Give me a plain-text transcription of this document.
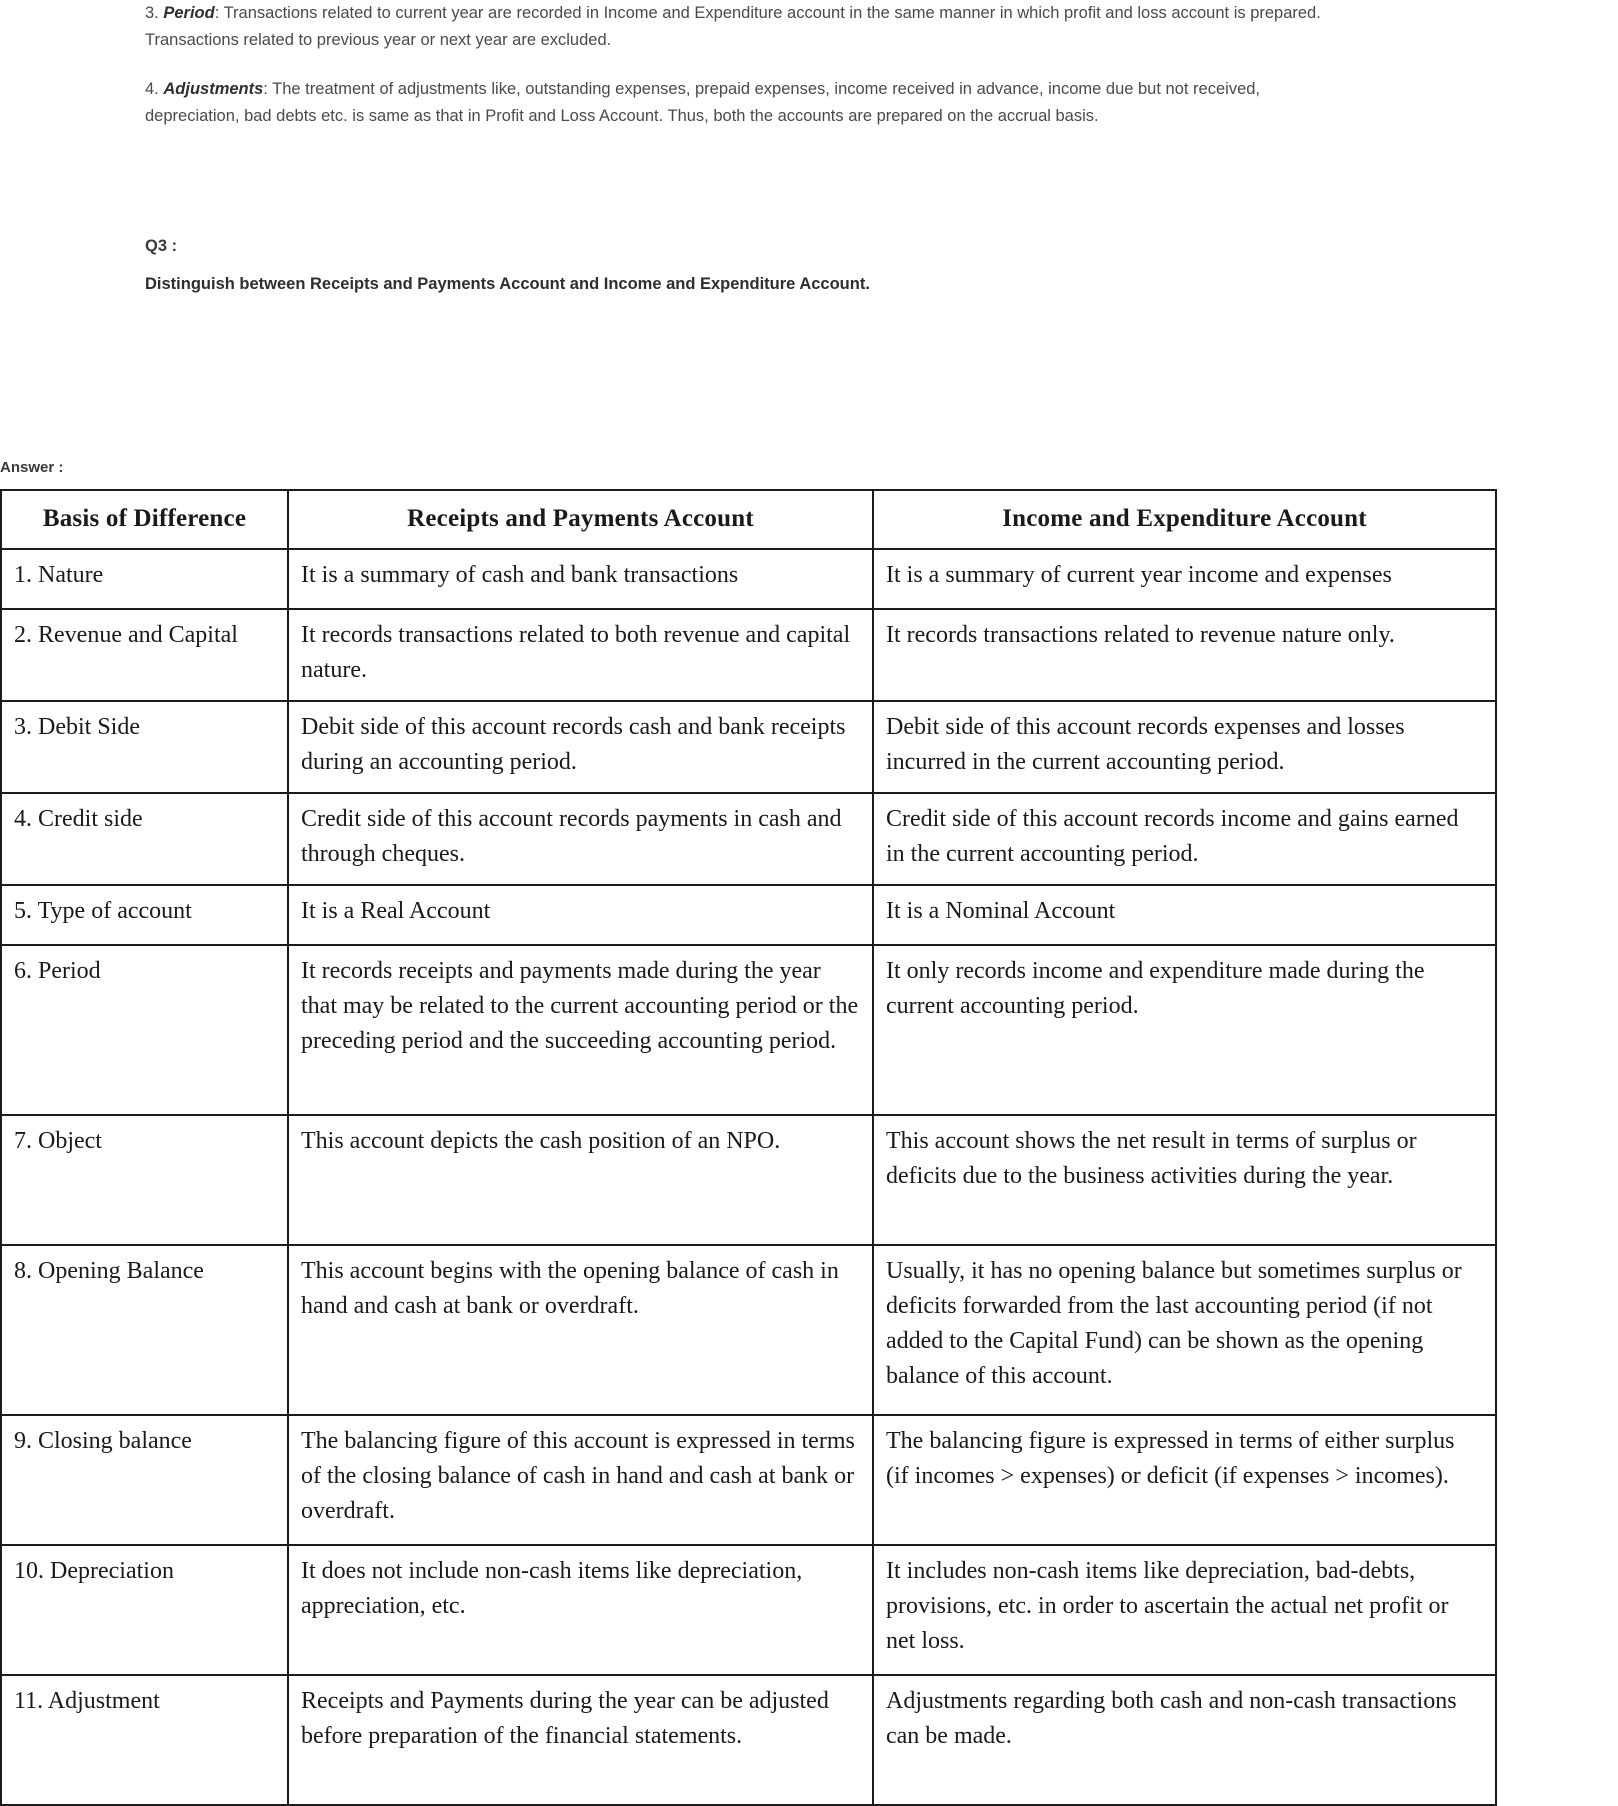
3. Period: Transactions related to current year are recorded in Income and Expenditure account in the same manner in which profit and loss account is prepared. Transactions related to previous year or next year are excluded.

4. Adjustments: The treatment of adjustments like, outstanding expenses, prepaid expenses, income received in advance, income due but not received, depreciation, bad debts etc. is same as that in Profit and Loss Account. Thus, both the accounts are prepared on the accrual basis.

Q3 :

Distinguish between Receipts and Payments Account and Income and Expenditure Account.

Answer :
Basis of Difference	Receipts and Payments Account	Income and Expenditure Account
1. Nature	It is a summary of cash and bank transactions	It is a summary of current year income and expenses
2. Revenue and Capital	It records transactions related to both revenue and capital nature.	It records transactions related to revenue nature only.
3. Debit Side	Debit side of this account records cash and bank receipts during an accounting period.	Debit side of this account records expenses and losses incurred in the current accounting period.
4. Credit side	Credit side of this account records payments in cash and through cheques.	Credit side of this account records income and gains earned in the current accounting period.
5. Type of account	It is a Real Account	It is a Nominal Account
6. Period	It records receipts and payments made during the year that may be related to the current accounting period or the preceding period and the succeeding accounting period.	It only records income and expenditure made during the current accounting period.
7. Object	This account depicts the cash position of an NPO.	This account shows the net result in terms of surplus or deficits due to the business activities during the year.
8. Opening Balance	This account begins with the opening balance of cash in hand and cash at bank or overdraft.	Usually, it has no opening balance but sometimes surplus or deficits forwarded from the last accounting period (if not added to the Capital Fund) can be shown as the opening balance of this account.
9. Closing balance	The balancing figure of this account is expressed in terms of the closing balance of cash in hand and cash at bank or overdraft.	The balancing figure is expressed in terms of either surplus (if incomes > expenses) or deficit (if expenses > incomes).
10. Depreciation	It does not include non-cash items like depreciation, appreciation, etc.	It includes non-cash items like depreciation, bad-debts, provisions, etc. in order to ascertain the actual net profit or net loss.
11. Adjustment	Receipts and Payments during the year can be adjusted before preparation of the financial statements.	Adjustments regarding both cash and non-cash transactions can be made.
